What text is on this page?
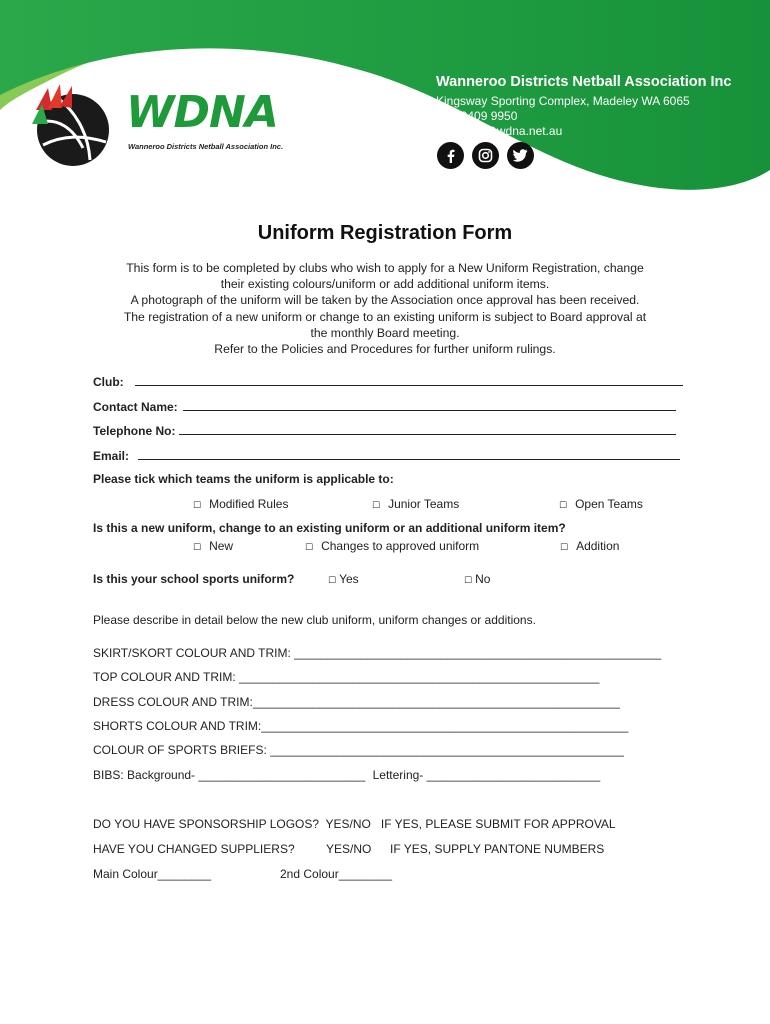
WDNA
Wanneroo Districts Netball Association Inc.
Wanneroo Districts Netball Association Inc
Kingsway Sporting Complex, Madeley WA 6065
(08) 9409 9950
enquiries@wdna.net.au
Uniform Registration Form
This form is to be completed by clubs who wish to apply for a New Uniform Registration, change
their existing colours/uniform or add additional uniform items.
A photograph of the uniform will be taken by the Association once approval has been received.
The registration of a new uniform or change to an existing uniform is subject to Board approval at
the monthly Board meeting.
Refer to the Policies and Procedures for further uniform rulings.
Club:
Contact Name:
Telephone No:
Email:
Please tick which teams the uniform is applicable to:
☐ Modified Rules	☐ Junior Teams	☐ Open Teams
Is this a new uniform, change to an existing uniform or an additional uniform item?
☐ New	☐ Changes to approved uniform	☐ Addition
Is this your school sports uniform?	☐ Yes	☐ No
Please describe in detail below the new club uniform, uniform changes or additions.
SKIRT/SKORT COLOUR AND TRIM: _______________________________________________________
TOP COLOUR AND TRIM: ______________________________________________________
DRESS COLOUR AND TRIM:_______________________________________________________
SHORTS COLOUR AND TRIM:_______________________________________________________
COLOUR OF SPORTS BRIEFS: _____________________________________________________
BIBS: Background- _________________________ Lettering- __________________________
DO YOU HAVE SPONSORSHIP LOGOS?  YES/NO   IF YES, PLEASE SUBMIT FOR APPROVAL
HAVE YOU CHANGED SUPPLIERS?	YES/NO IF YES, SUPPLY PANTONE NUMBERS
Main Colour________	2nd Colour________
